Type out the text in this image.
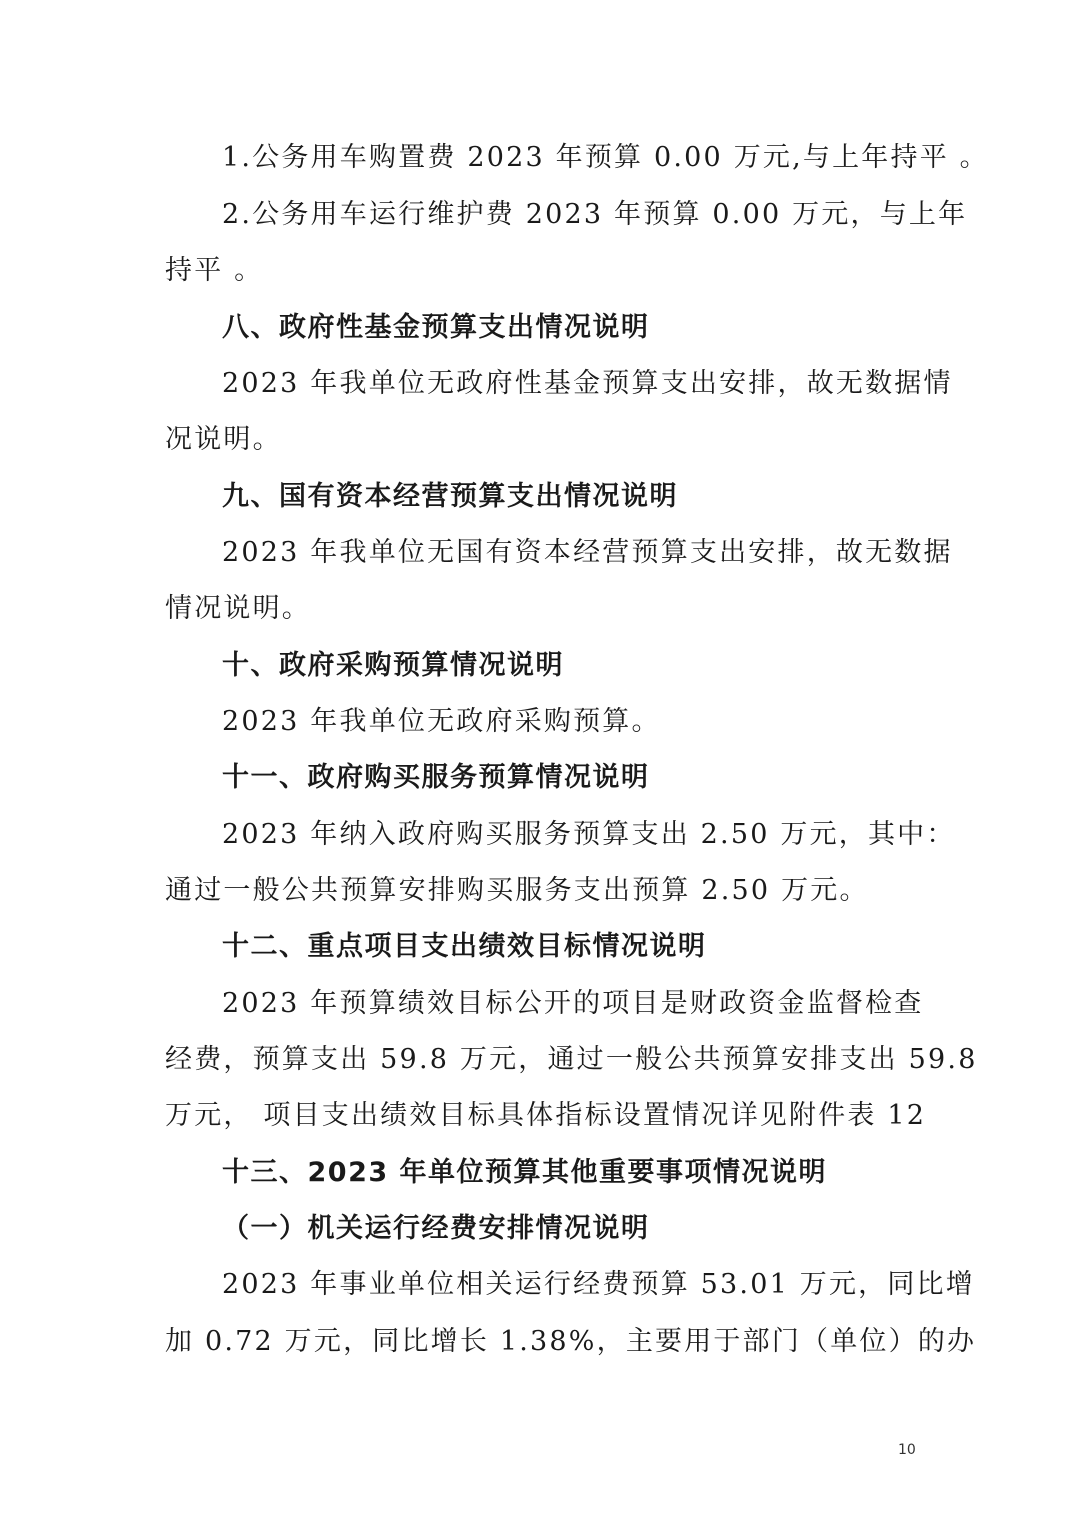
1.公务用车购置费 2023 年预算 0.00 万元,与上年持平 。
2.公务用车运行维护费 2023 年预算 0.00 万元，与上年
持平 。
八、政府性基金预算支出情况说明
2023 年我单位无政府性基金预算支出安排，故无数据情
况说明。
九、国有资本经营预算支出情况说明
2023 年我单位无国有资本经营预算支出安排，故无数据
情况说明。
十、政府采购预算情况说明
2023 年我单位无政府采购预算。
十一、政府购买服务预算情况说明
2023 年纳入政府购买服务预算支出 2.50 万元，其中：
通过一般公共预算安排购买服务支出预算 2.50 万元。
十二、重点项目支出绩效目标情况说明
2023 年预算绩效目标公开的项目是财政资金监督检查
经费，预算支出 59.8 万元，通过一般公共预算安排支出 59.8
万元， 项目支出绩效目标具体指标设置情况详见附件表 12
十三、2023 年单位预算其他重要事项情况说明
（一）机关运行经费安排情况说明
2023 年事业单位相关运行经费预算 53.01 万元，同比增
加 0.72 万元，同比增长 1.38%，主要用于部门（单位）的办
10
